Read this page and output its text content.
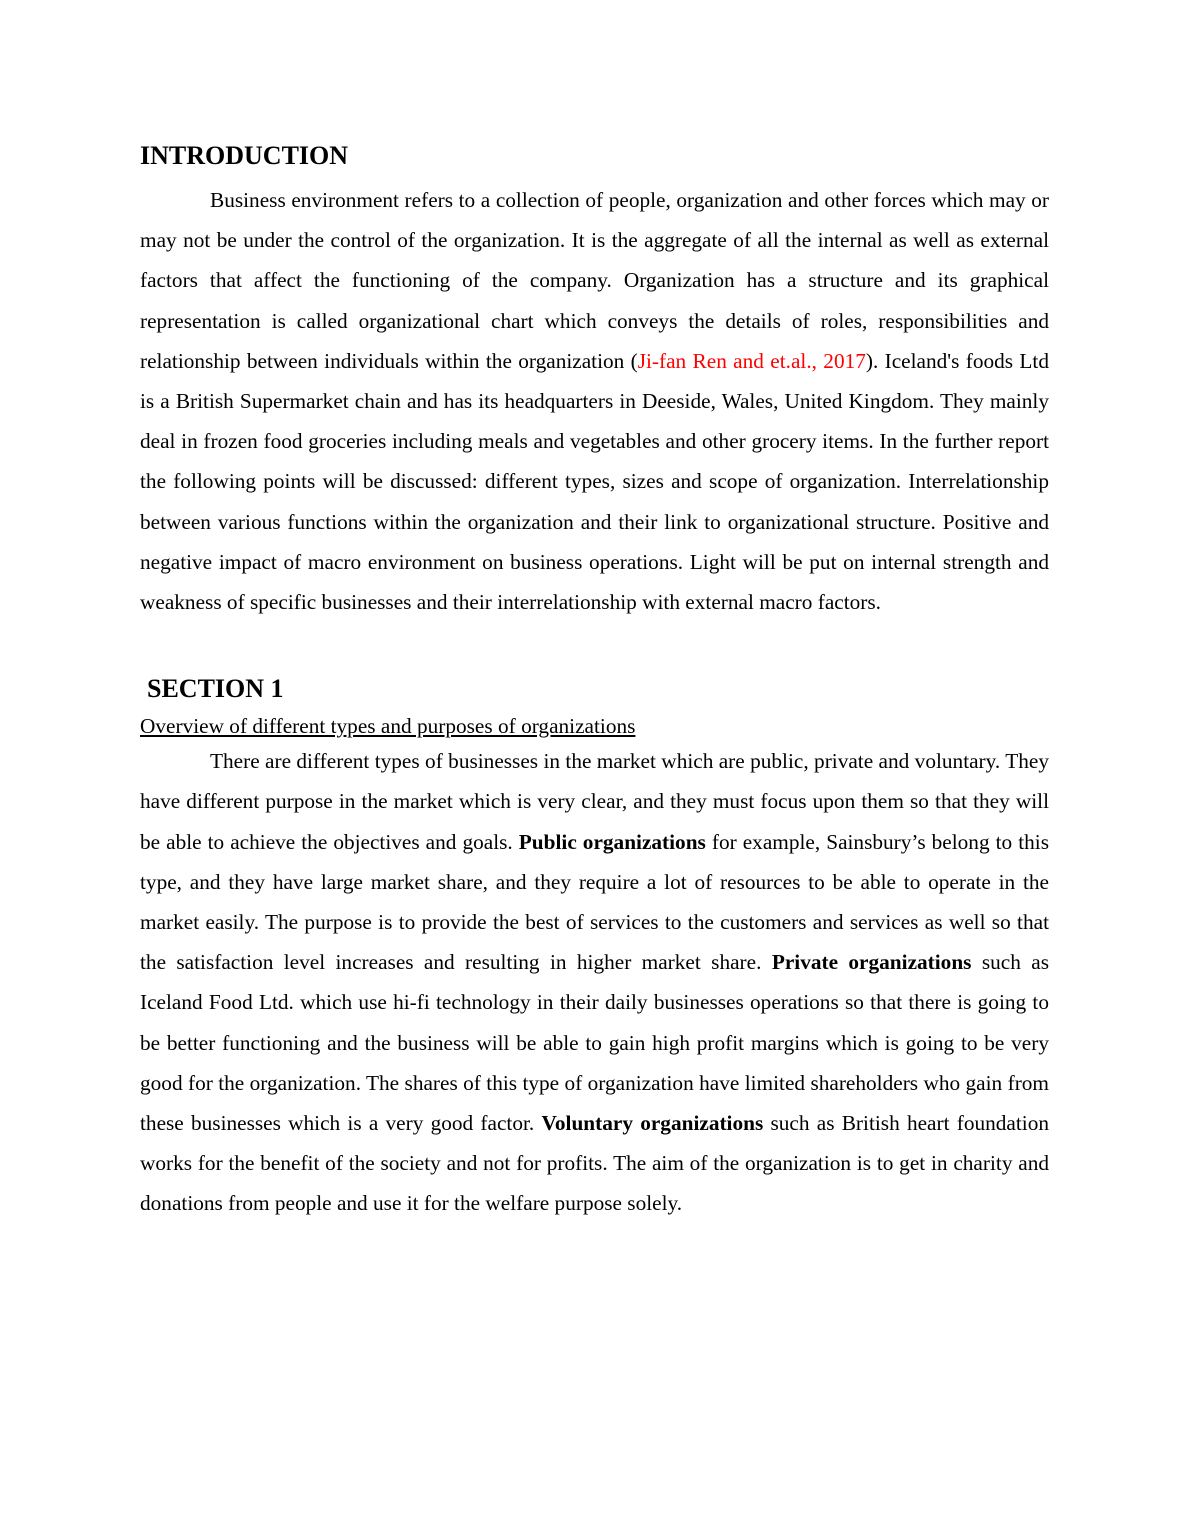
INTRODUCTION

Business environment refers to a collection of people, organization and other forces which may or may not be under the control of the organization. It is the aggregate of all the internal as well as external factors that affect the functioning of the company. Organization has a structure and its graphical representation is called organizational chart which conveys the details of roles, responsibilities and relationship between individuals within the organization (Ji-fan Ren and et.al., 2017). Iceland's foods Ltd is a British Supermarket chain and has its headquarters in Deeside, Wales, United Kingdom. They mainly deal in frozen food groceries including meals and vegetables and other grocery items. In the further report the following points will be discussed: different types, sizes and scope of organization. Interrelationship between various functions within the organization and their link to organizational structure. Positive and negative impact of macro environment on business operations. Light will be put on internal strength and weakness of specific businesses and their interrelationship with external macro factors.

SECTION 1
Overview of different types and purposes of organizations

There are different types of businesses in the market which are public, private and voluntary. They have different purpose in the market which is very clear, and they must focus upon them so that they will be able to achieve the objectives and goals. Public organizations for example, Sainsbury’s belong to this type, and they have large market share, and they require a lot of resources to be able to operate in the market easily. The purpose is to provide the best of services to the customers and services as well so that the satisfaction level increases and resulting in higher market share. Private organizations such as Iceland Food Ltd. which use hi-fi technology in their daily businesses operations so that there is going to be better functioning and the business will be able to gain high profit margins which is going to be very good for the organization. The shares of this type of organization have limited shareholders who gain from these businesses which is a very good factor. Voluntary organizations such as British heart foundation works for the benefit of the society and not for profits. The aim of the organization is to get in charity and donations from people and use it for the welfare purpose solely.
